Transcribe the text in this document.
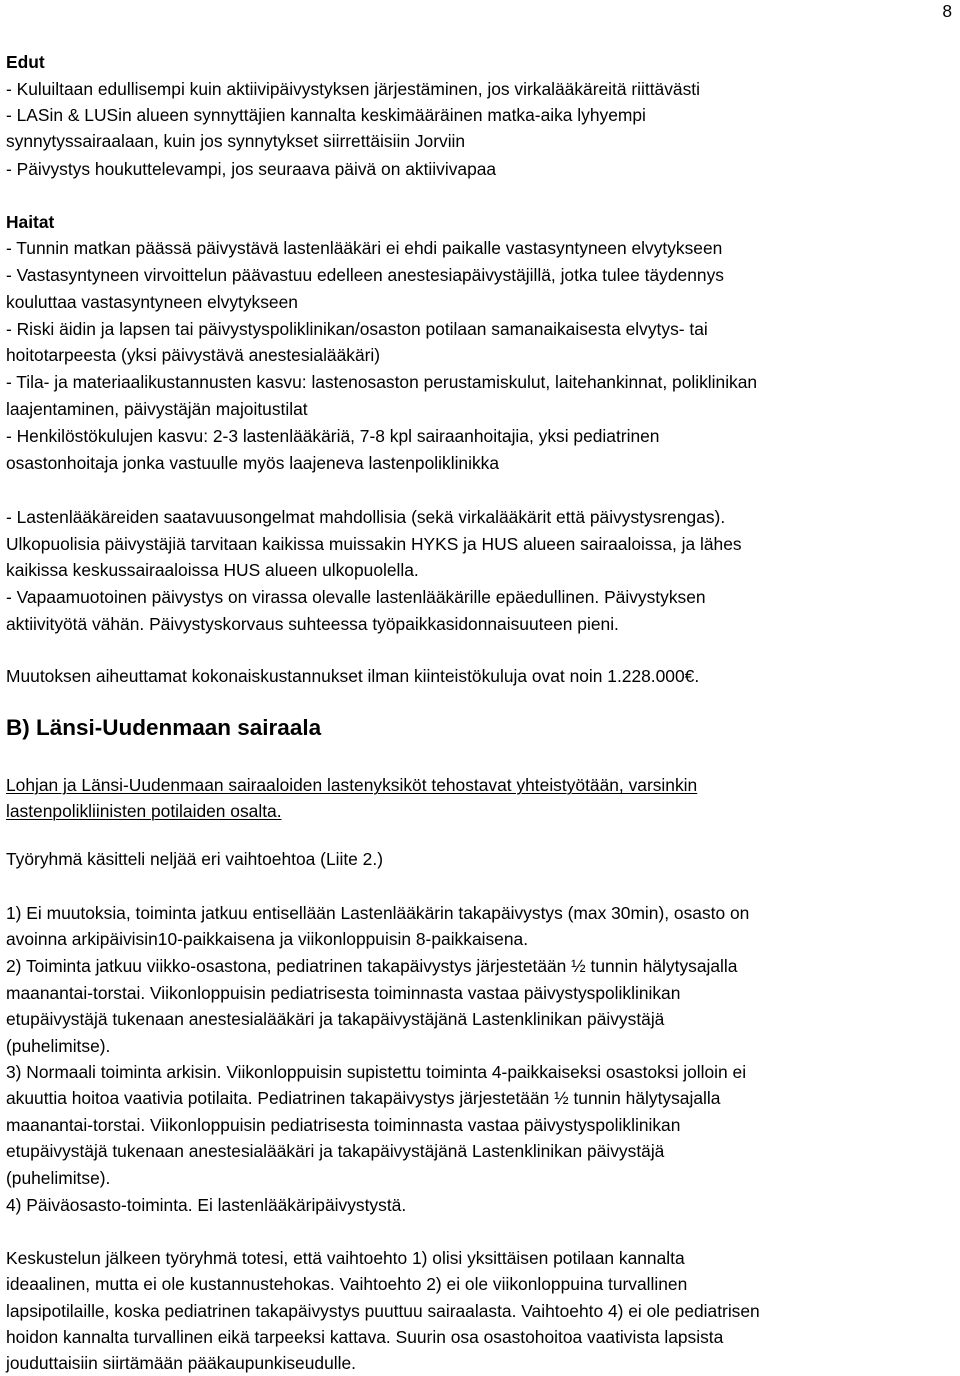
8
Edut
- Kuluiltaan edullisempi kuin aktiivipäivystyksen järjestäminen, jos virkalääkäreitä riittävästi
- LASin & LUSin alueen synnyttäjien kannalta keskimääräinen matka-aika lyhyempi
synnytyssairaalaan, kuin jos synnytykset siirrettäisiin Jorviin
- Päivystys houkuttelevampi, jos seuraava päivä on aktiivivapaa
Haitat
- Tunnin matkan päässä päivystävä lastenlääkäri ei ehdi paikalle vastasyntyneen elvytykseen
- Vastasyntyneen virvoittelun päävastuu edelleen anestesiapäivystäjillä, jotka tulee täydennys
kouluttaa vastasyntyneen elvytykseen
- Riski äidin ja lapsen tai päivystyspoliklinikan/osaston potilaan samanaikaisesta elvytys- tai
hoitotarpeesta (yksi päivystävä anestesialääkäri)
- Tila- ja materiaalikustannusten kasvu: lastenosaston perustamiskulut, laitehankinnat, poliklinikan
laajentaminen, päivystäjän majoitustilat
- Henkilöstökulujen kasvu: 2-3 lastenlääkäriä, 7-8 kpl sairaanhoitajia, yksi pediatrinen
osastonhoitaja jonka vastuulle myös laajeneva lastenpoliklinikka
- Lastenlääkäreiden saatavuusongelmat mahdollisia (sekä virkalääkärit että päivystysrengas).
Ulkopuolisia päivystäjiä tarvitaan kaikissa muissakin HYKS ja HUS alueen sairaaloissa, ja lähes
kaikissa keskussairaaloissa HUS alueen ulkopuolella.
- Vapaamuotoinen päivystys on virassa olevalle lastenlääkärille epäedullinen. Päivystyksen
aktiivityötä vähän. Päivystyskorvaus suhteessa työpaikkasidonnaisuuteen pieni.
Muutoksen aiheuttamat kokonaiskustannukset ilman kiinteistökuluja ovat noin 1.228.000€.
B) Länsi-Uudenmaan sairaala
Lohjan ja Länsi-Uudenmaan sairaaloiden lastenyksiköt tehostavat yhteistyötään, varsinkin
lastenpolikliinisten potilaiden osalta.
Työryhmä käsitteli neljää eri vaihtoehtoa (Liite 2.)
1) Ei muutoksia, toiminta jatkuu entisellään Lastenlääkärin takapäivystys (max 30min), osasto on
avoinna arkipäivisin10-paikkaisena ja viikonloppuisin 8-paikkaisena.
2) Toiminta jatkuu viikko-osastona, pediatrinen takapäivystys järjestetään ½ tunnin hälytysajalla
maanantai-torstai. Viikonloppuisin pediatrisesta toiminnasta vastaa päivystyspoliklinikan
etupäivystäjä tukenaan anestesialääkäri ja takapäivystäjänä Lastenklinikan päivystäjä
(puhelimitse).
3) Normaali toiminta arkisin. Viikonloppuisin supistettu toiminta 4-paikkaiseksi osastoksi jolloin ei
akuuttia hoitoa vaativia potilaita. Pediatrinen takapäivystys järjestetään ½ tunnin hälytysajalla
maanantai-torstai. Viikonloppuisin pediatrisesta toiminnasta vastaa päivystyspoliklinikan
etupäivystäjä tukenaan anestesialääkäri ja takapäivystäjänä Lastenklinikan päivystäjä
(puhelimitse).
4) Päiväosasto-toiminta. Ei lastenlääkäripäivystystä.
Keskustelun jälkeen työryhmä totesi, että vaihtoehto 1) olisi yksittäisen potilaan kannalta
ideaalinen, mutta ei ole kustannustehokas. Vaihtoehto 2) ei ole viikonloppuina turvallinen
lapsipotilaille, koska pediatrinen takapäivystys puuttuu sairaalasta. Vaihtoehto 4) ei ole pediatrisen
hoidon kannalta turvallinen eikä tarpeeksi kattava. Suurin osa osastohoitoa vaativista lapsista
jouduttaisiin siirtämään pääkaupunkiseudulle.
